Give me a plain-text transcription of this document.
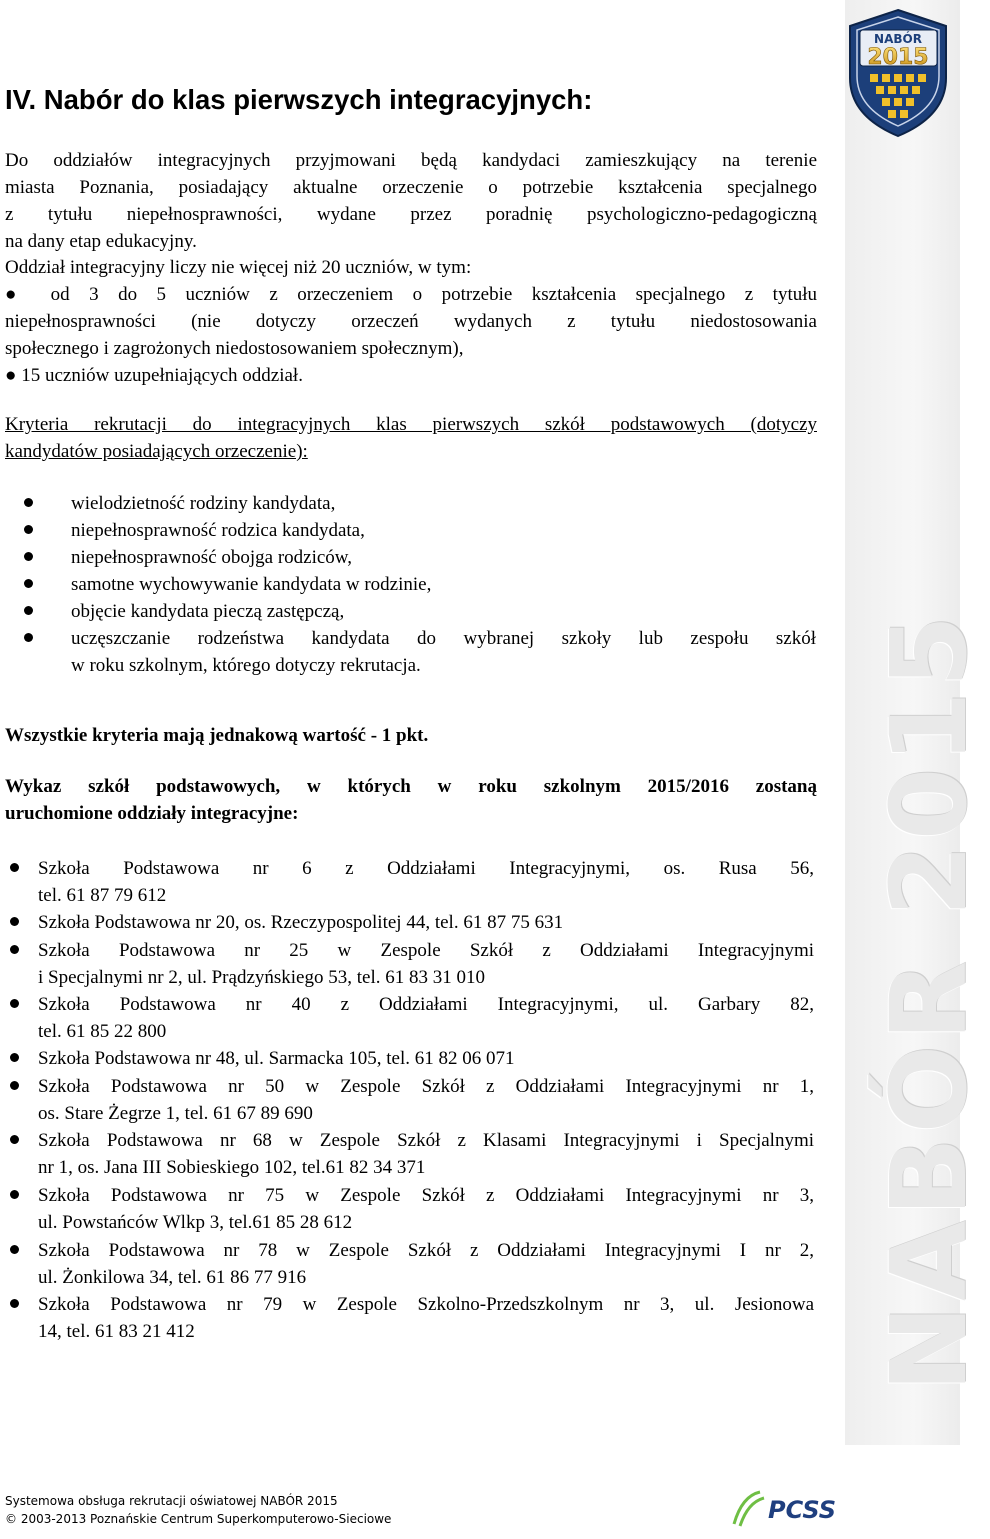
NABÓR 2015
NABÓR
2015
IV. Nabór do klas pierwszych integracyjnych:
Do oddziałów integracyjnych przyjmowani będą kandydaci zamieszkujący na terenie
miasta Poznania, posiadający aktualne orzeczenie o potrzebie kształcenia specjalnego
z tytułu niepełnosprawności, wydane przez poradnię psychologiczno-pedagogiczną
na dany etap edukacyjny.
Oddział integracyjny liczy nie więcej niż 20 uczniów, w tym:
● od 3 do 5 uczniów z orzeczeniem o potrzebie kształcenia specjalnego z tytułu
niepełnosprawności (nie dotyczy orzeczeń wydanych z tytułu niedostosowania
społecznego i zagrożonych niedostosowaniem społecznym),
● 15 uczniów uzupełniających oddział.
Kryteria rekrutacji do integracyjnych klas pierwszych szkół podstawowych (dotyczy
kandydatów posiadających orzeczenie):
wielodzietność rodziny kandydata,
niepełnosprawność rodzica kandydata,
niepełnosprawność obojga rodziców,
samotne wychowywanie kandydata w rodzinie,
objęcie kandydata pieczą zastępczą,
uczęszczanie rodzeństwa kandydata do wybranej szkoły lub zespołu szkół
w roku szkolnym, którego dotyczy rekrutacja.
Wszystkie kryteria mają jednakową wartość - 1 pkt.
Wykaz szkół podstawowych, w których w roku szkolnym 2015/2016 zostaną
uruchomione oddziały integracyjne:
Szkoła Podstawowa nr 6 z Oddziałami Integracyjnymi, os. Rusa 56,
tel. 61 87 79 612
Szkoła Podstawowa nr 20, os. Rzeczypospolitej 44, tel. 61 87 75 631
Szkoła Podstawowa nr 25 w Zespole Szkół z Oddziałami Integracyjnymi
i Specjalnymi nr 2, ul. Prądzyńskiego 53, tel. 61 83 31 010
Szkoła Podstawowa nr 40 z Oddziałami Integracyjnymi, ul. Garbary 82,
tel. 61 85 22 800
Szkoła Podstawowa nr 48, ul. Sarmacka 105, tel. 61 82 06 071
Szkoła Podstawowa nr 50 w Zespole Szkół z Oddziałami Integracyjnymi nr 1,
os. Stare Żegrze 1, tel. 61 67 89 690
Szkoła Podstawowa nr 68 w Zespole Szkół z Klasami Integracyjnymi i Specjalnymi
nr 1, os. Jana III Sobieskiego 102, tel.61 82 34 371
Szkoła Podstawowa nr 75 w Zespole Szkół z Oddziałami Integracyjnymi nr 3,
ul. Powstańców Wlkp 3, tel.61 85 28 612
Szkoła Podstawowa nr 78 w Zespole Szkół z Oddziałami Integracyjnymi I nr 2,
ul. Żonkilowa 34, tel. 61 86 77 916
Szkoła Podstawowa nr 79 w Zespole Szkolno-Przedszkolnym nr 3, ul. Jesionowa
14, tel. 61 83 21 412
Systemowa obsługa rekrutacji oświatowej NABÓR 2015
© 2003-2013 Poznańskie Centrum Superkomputerowo-Sieciowe	PCSS
